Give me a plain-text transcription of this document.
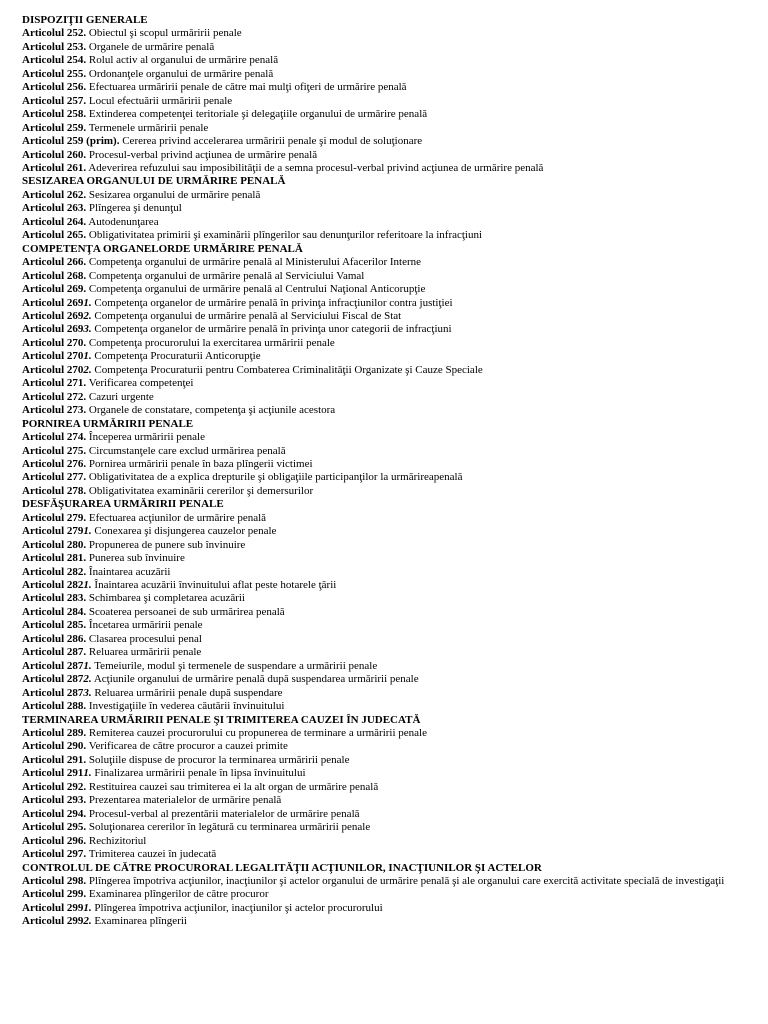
DISPOZIŢII GENERALE
Articolul 252. Obiectul şi scopul urmăririi penale
Articolul 253. Organele de urmărire penală
Articolul 254. Rolul activ al organului de urmărire penală
Articolul 255. Ordonanţele organului de urmărire penală
Articolul 256. Efectuarea urmăririi penale de către mai mulţi ofiţeri de urmărire penală
Articolul 257. Locul efectuării urmăririi penale
Articolul 258. Extinderea competenţei teritoriale şi delegaţiile organului de urmărire penală
Articolul 259. Termenele urmăririi penale
Articolul 259 (prim). Cererea privind accelerarea urmăririi penale şi modul de soluţionare
Articolul 260. Procesul-verbal privind acţiunea de urmărire penală
Articolul 261. Adeverirea refuzului sau imposibilităţii de a semna procesul-verbal privind acţiunea de urmărire penală
SESIZAREA ORGANULUI DE URMĂRIRE PENALĂ
Articolul 262. Sesizarea organului de urmărire penală
Articolul 263. Plîngerea şi denunţul
Articolul 264. Autodenunţarea
Articolul 265. Obligativitatea primirii şi examinării plîngerilor sau denunţurilor referitoare la infracţiuni
COMPETENŢA ORGANELORDE URMĂRIRE PENALĂ
Articolul 266. Competenţa organului de urmărire penală al Ministerului Afacerilor Interne
Articolul 268. Competenţa organului de urmărire penală al Serviciului Vamal
Articolul 269. Competenţa organului de urmărire penală al Centrului Naţional Anticorupţie
Articolul 2691. Competenţa organelor de urmărire penală în privinţa infracţiunilor contra justiţiei
Articolul 2692. Competenţa organului de urmărire penală al Serviciului Fiscal de Stat
Articolul 2693. Competenţa organelor de urmărire penală în privinţa unor categorii de infracţiuni
Articolul 270. Competenţa procurorului la exercitarea urmăririi penale
Articolul 2701. Competenţa Procuraturii Anticorupţie
Articolul 2702. Competenţa Procuraturii pentru Combaterea Criminalităţii Organizate şi Cauze Speciale
Articolul 271. Verificarea competenţei
Articolul 272. Cazuri urgente
Articolul 273. Organele de constatare, competenţa şi acţiunile acestora
PORNIREA URMĂRIRII PENALE
Articolul 274. Începerea urmăririi penale
Articolul 275. Circumstanţele care exclud urmărirea penală
Articolul 276. Pornirea urmăririi penale în baza plîngerii victimei
Articolul 277. Obligativitatea de a explica drepturile şi obligaţiile participanţilor la urmărireapenală
Articolul 278. Obligativitatea examinării cererilor şi demersurilor
DESFĂŞURAREA URMĂRIRII PENALE
Articolul 279. Efectuarea acţiunilor de urmărire penală
Articolul 2791. Conexarea şi disjungerea cauzelor penale
Articolul 280. Propunerea de punere sub învinuire
Articolul 281. Punerea sub învinuire
Articolul 282. Înaintarea acuzării
Articolul 2821. Înaintarea acuzării învinuitului aflat peste hotarele ţării
Articolul 283. Schimbarea şi completarea acuzării
Articolul 284. Scoaterea persoanei de sub urmărirea penală
Articolul 285. Încetarea urmăririi penale
Articolul 286. Clasarea procesului penal
Articolul 287. Reluarea urmăririi penale
Articolul 2871. Temeiurile, modul şi termenele de suspendare a urmăririi penale
Articolul 2872. Acţiunile organului de urmărire penală după suspendarea urmăririi penale
Articolul 2873. Reluarea urmăririi penale după suspendare
Articolul 288. Investigaţiile în vederea căutării învinuitului
TERMINAREA URMĂRIRII PENALE ŞI TRIMITEREA CAUZEI ÎN JUDECATĂ
Articolul 289. Remiterea cauzei procurorului cu propunerea de terminare a urmăririi penale
Articolul 290. Verificarea de către procuror a cauzei primite
Articolul 291. Soluţiile dispuse de procuror la terminarea urmăririi penale
Articolul 2911. Finalizarea urmăririi penale în lipsa învinuitului
Articolul 292. Restituirea cauzei sau trimiterea ei la alt organ de urmărire penală
Articolul 293. Prezentarea materialelor de urmărire penală
Articolul 294. Procesul-verbal al prezentării materialelor de urmărire penală
Articolul 295. Soluţionarea cererilor în legătură cu terminarea urmăririi penale
Articolul 296. Rechizitoriul
Articolul 297. Trimiterea cauzei în judecată
CONTROLUL DE CĂTRE PROCURORAL LEGALITĂŢII ACŢIUNILOR, INACŢIUNILOR ŞI ACTELOR
Articolul 298. Plîngerea împotriva acţiunilor, inacţiunilor şi actelor organului de urmărire penală şi ale organului care exercită activitate specială de investigaţii
Articolul 299. Examinarea plîngerilor de către procuror
Articolul 2991. Plîngerea împotriva acţiunilor, inacţiunilor şi actelor procurorului
Articolul 2992. Examinarea plîngerii
